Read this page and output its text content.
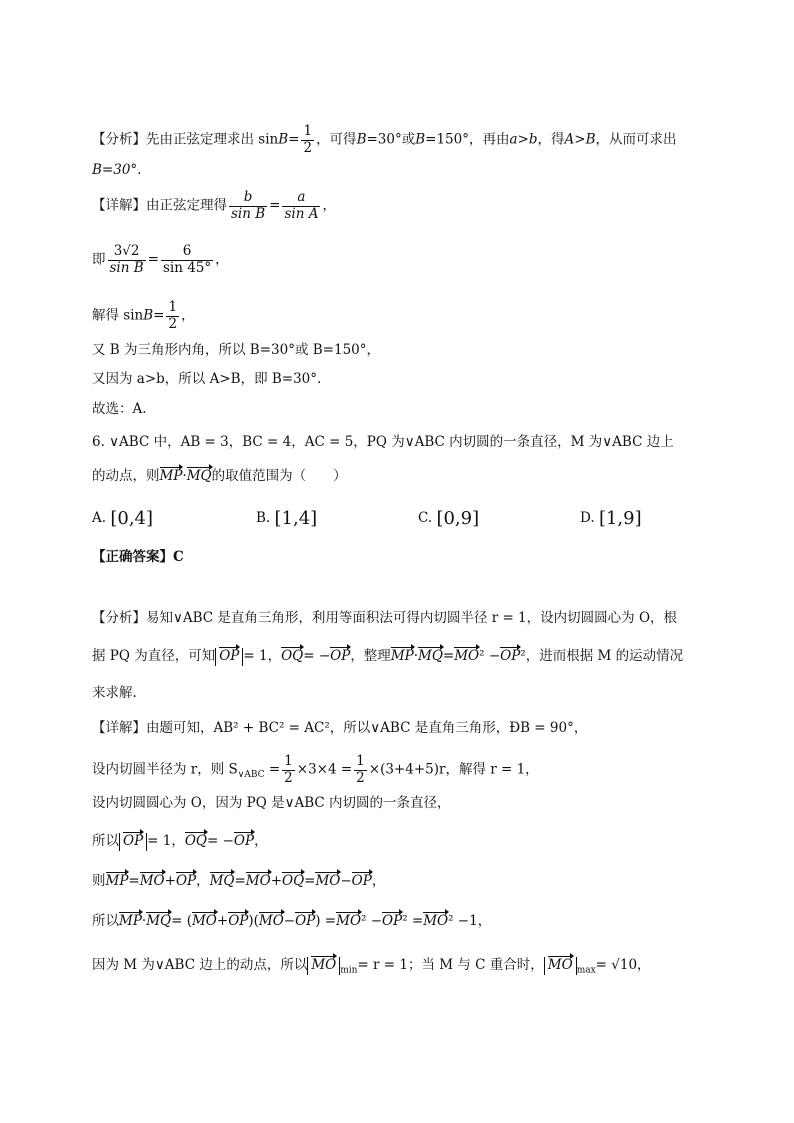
【分析】先由正弦定理求出 $\sin B= \frac{1}{2}$ ，可得B=30°或B=150°，再由a>b，得A>B，从而可求出
B=30°.
【详解】由正弦定理得 $\frac{b}{\text{sin B}} = \frac{a}{\text{sin A}}$ ，
即 $\frac{3√2}{\text{sin B}} = \frac{6}{\sin 45^\circ}$ ，
解得 $\sin B= \frac{1}{2}$ ，
又 B 为三角形内角，所以 B=30°或 B=150°，
又因为 a>b，所以 A>B，即 B=30°.
故选：A.
6. ∨ABC 中，AB = 3，BC = 4，AC = 5，PQ 为∨ABC 内切圆的一条直径，M 为∨ABC 边上
的动点，则MP·MQ的取值范围为（　　）
A. [0,4]	B. [1,4]	C. [0,9]	D. [1,9]
【正确答案】C
【分析】易知∨ABC 是直角三角形，利用等面积法可得内切圆半径 r = 1，设内切圆圆心为 O，根
据 PQ 为直径，可知 OP = 1，OQ= −OP，整理MP·MQ=MO² −OP²，进而根据 M 的运动情况
来求解.
【详解】由题可知，AB² + BC² = AC²，所以∨ABC 是直角三角形，ÐB = 90°，
设内切圆半径为 r，则 $S_{\vee ABC} = \frac{1}{2} \times 3\times 4 = \frac{1}{2} \times(3+4+5)r$，解得 r = 1，
设内切圆圆心为 O，因为 PQ 是∨ABC 内切圆的一条直径，
所以 OP = 1，OQ= −OP，
则MP=MO+OP，MQ=MO+OQ=MO−OP，
所以MP·MQ= (MO+OP)(MO−OP) =MO² −OP² =MO² −1，
因为 M 为∨ABC 边上的动点，所以 MO $_{min}$= r = 1；当 M 与 C 重合时， MO $_{max}$= √10，
